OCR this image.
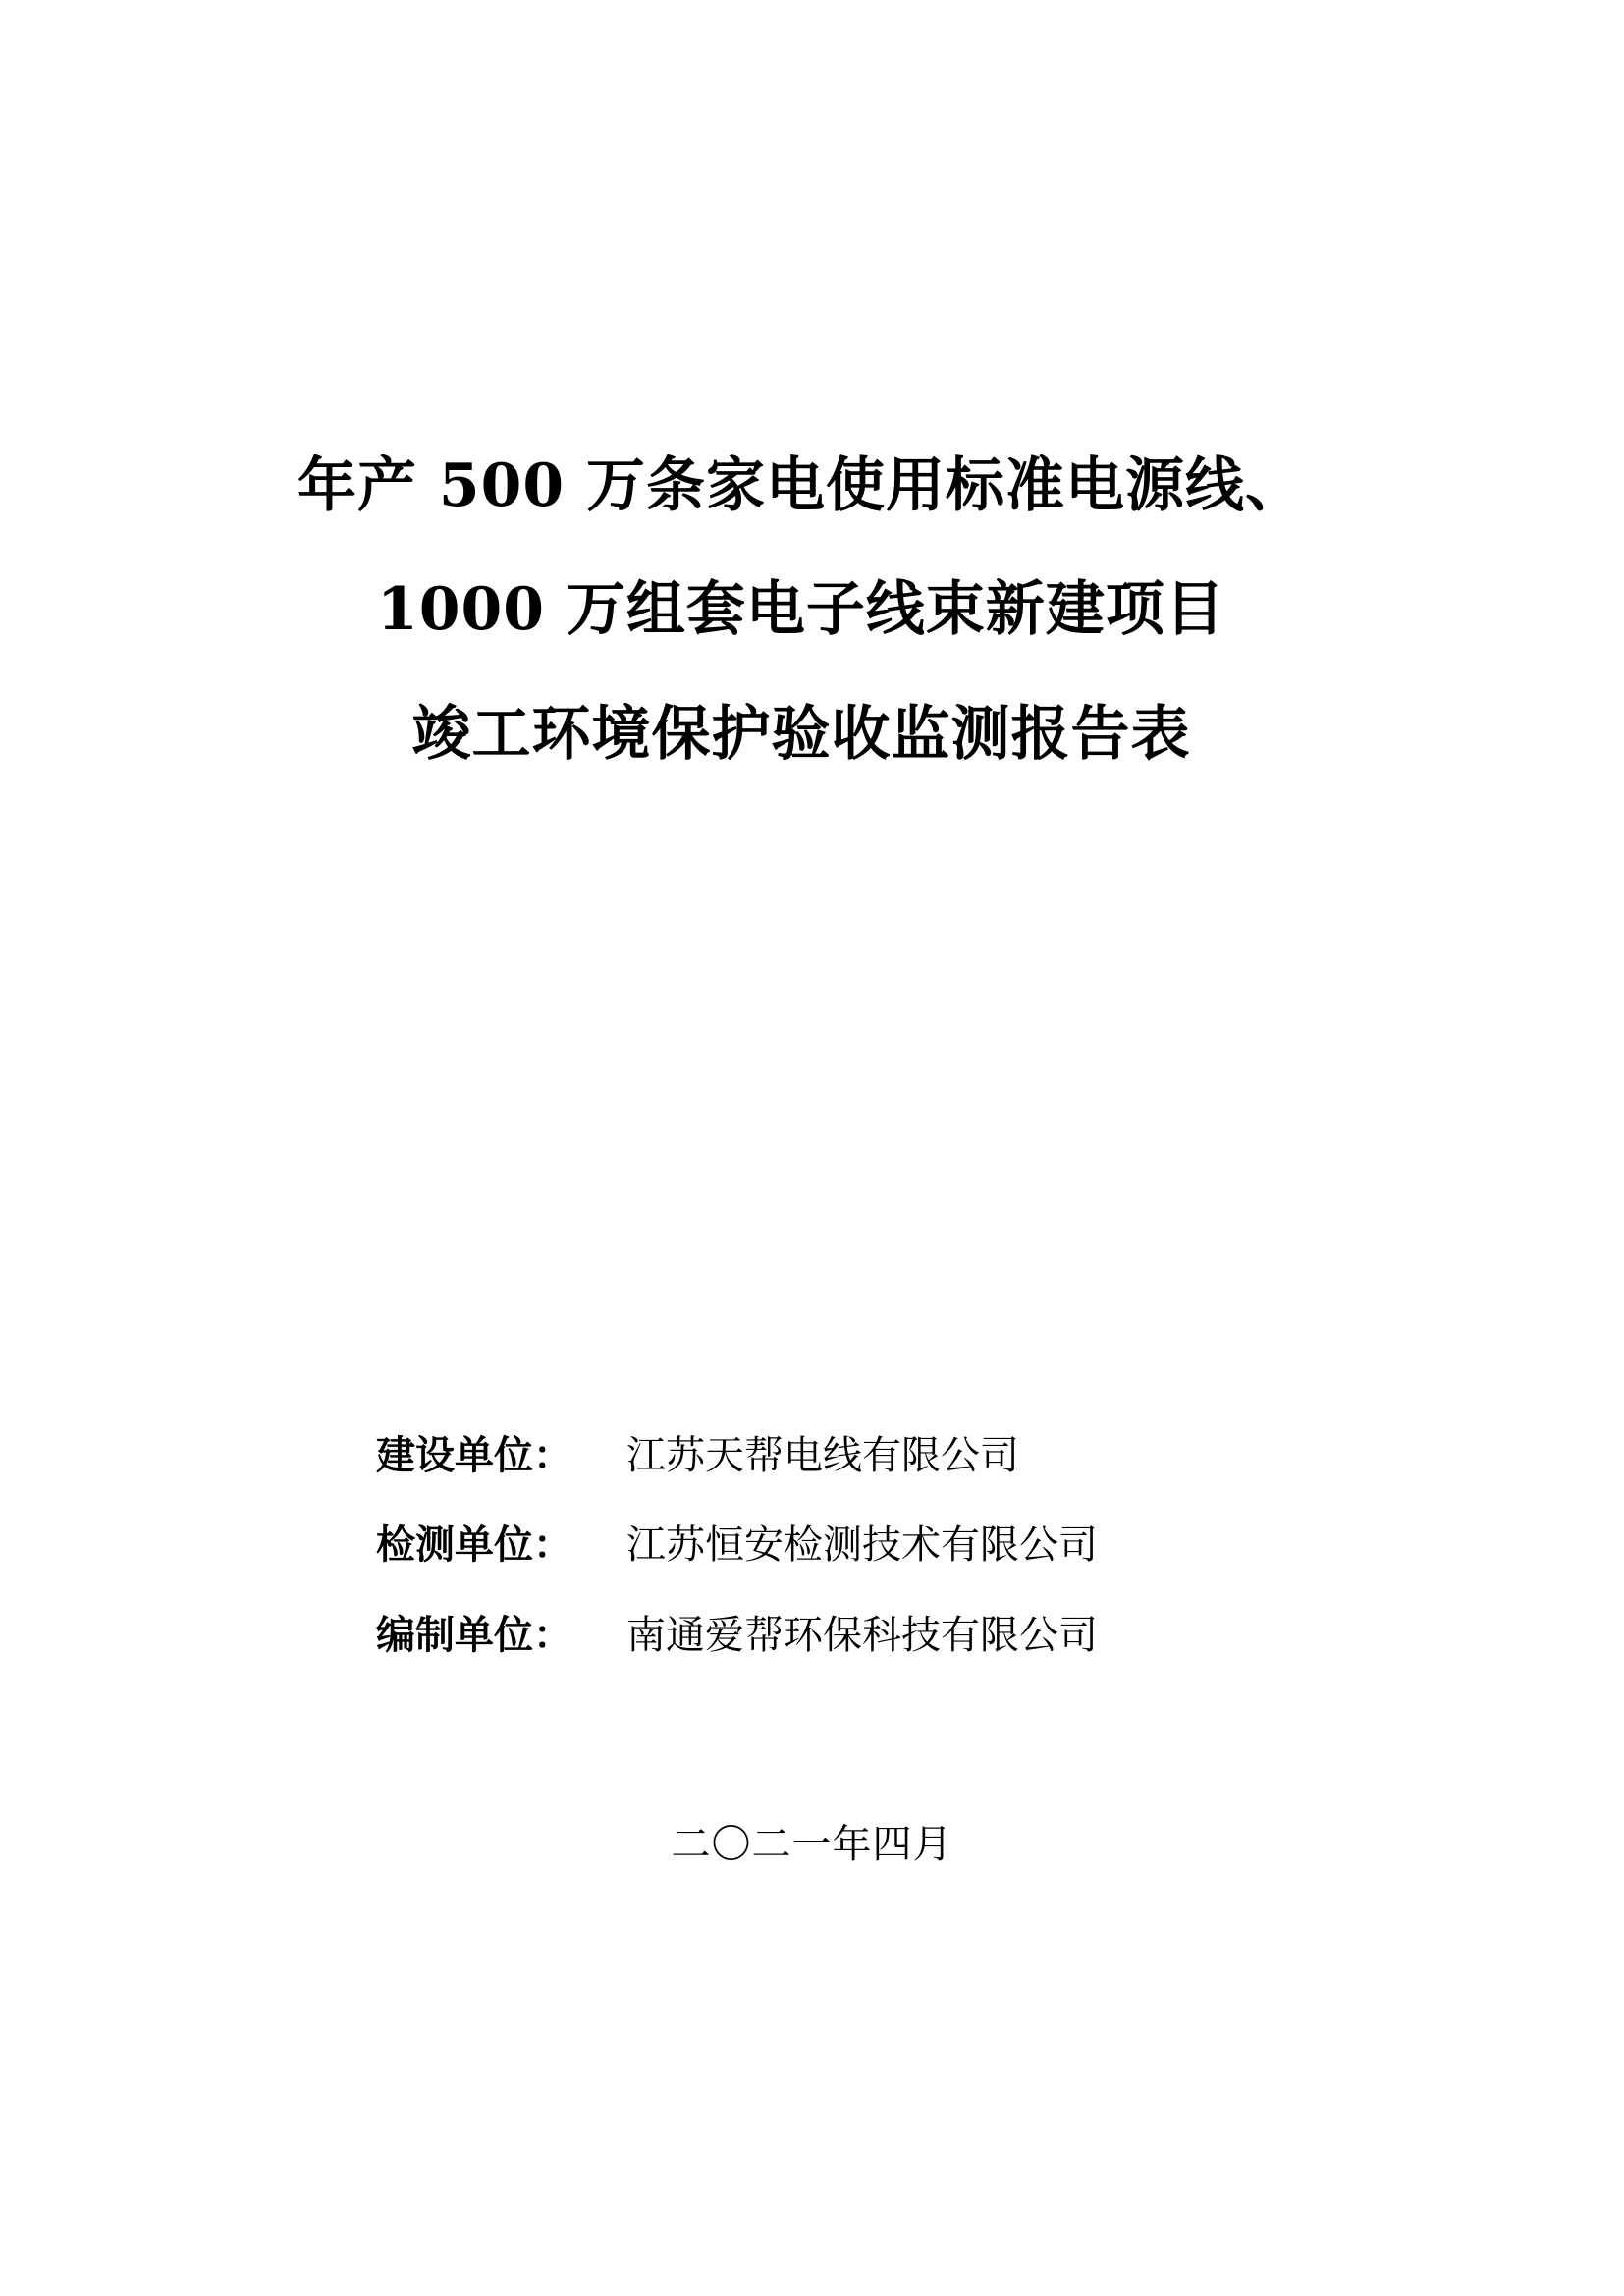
年产 500 万条家电使用标准电源线、
1000 万组套电子线束新建项目
竣工环境保护验收监测报告表
建设单位： 江苏天帮电线有限公司
检测单位： 江苏恒安检测技术有限公司
编制单位： 南通爱帮环保科技有限公司
二〇二一年四月
